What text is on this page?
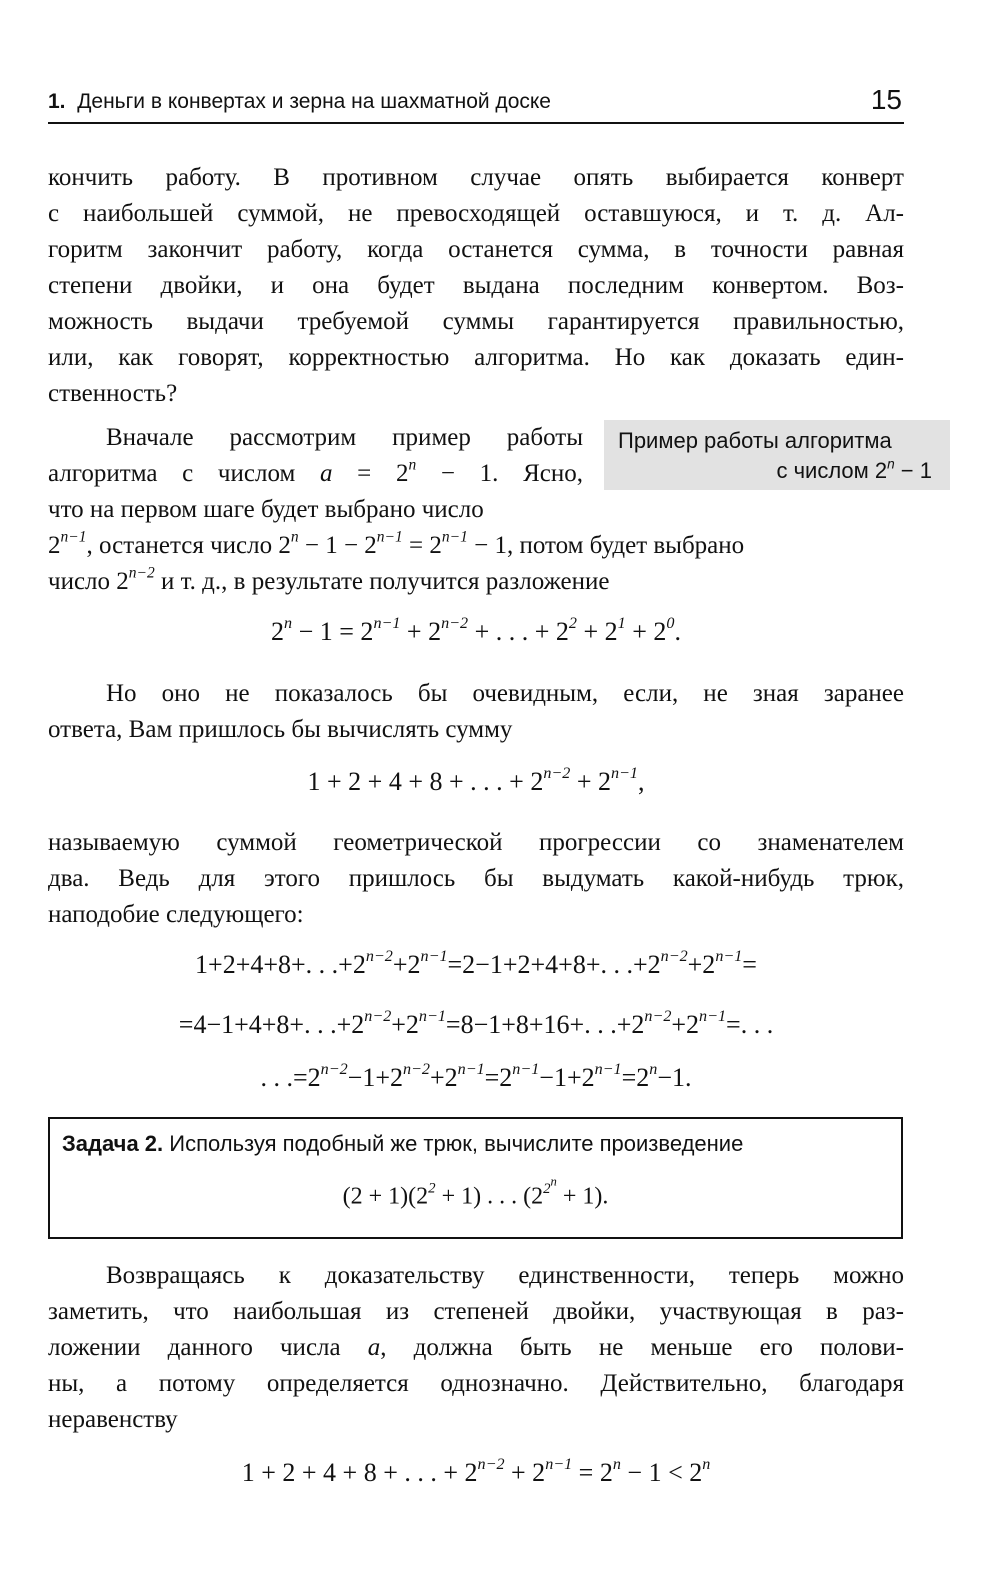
1. Деньги в конвертах и зерна на шахматной доске	15
кончить работу. В противном случае опять выбирается конверт
с наибольшей суммой, не превосходящей оставшуюся, и т. д. Ал-
горитм закончит работу, когда останется сумма, в точности равная
степени двойки, и она будет выдана последним конвертом. Воз-
можность выдачи требуемой суммы гарантируется правильностью,
или, как говорят, корректностью алгоритма. Но как доказать един-
ственность?
Вначале рассмотрим пример работы
алгоритма с числом $a = 2^n - 1$. Ясно,
что на первом шаге будет выбрано число
Пример работы алгоритма
с числом $2^n - 1$
$2^{n-1}$, останется число $2^n - 1 - 2^{n-1} = 2^{n-1} - 1$, потом будет выбрано
число $2^{n-2}$ и т. д., в результате получится разложение
$2^n - 1 = 2^{n-1} + 2^{n-2}$ + . . . + $2^2 + 2^1 + 2^0$.
Но оно не показалось бы очевидным, если, не зная заранее
ответа, Вам пришлось бы вычислять сумму
1 + 2 + 4 + 8 + . . . + $2^{n-2} + 2^{n-1}$,
называемую суммой геометрической прогрессии со знаменателем
два. Ведь для этого пришлось бы выдумать какой-нибудь трюк,
наподобие следующего:
1+2+4+8+. . $.+2^{n-2}+2^{n-1}=2-1+2+4+8+$. . $.+2^{n-2}+2^{n-1}=$
=4−1+4+8+. . $.+2^{n-2}+2^{n-1}=8-1+8+16+$. . $.+2^{n-2}+2^{n-1}=$. . .
. . $.=2^{n-2}-1+2^{n-2}+2^{n-1}=2^{n-1}-1+2^{n-1}=2^n-1$.
Задача 2. Используя подобный же трюк, вычислите произведение
$(2 + 1)(2^2 + 1)$ . . . $(2^{2^n} + 1)$.
Возвращаясь к доказательству единственности, теперь можно
заметить, что наибольшая из степеней двойки, участвующая в раз-
ложении данного числа a, должна быть не меньше его полови-
ны, а потому определяется однозначно. Действительно, благодаря
неравенству
1 + 2 + 4 + 8 + . . . + $2^{n-2} + 2^{n-1} = 2^n - 1 < 2^n$
